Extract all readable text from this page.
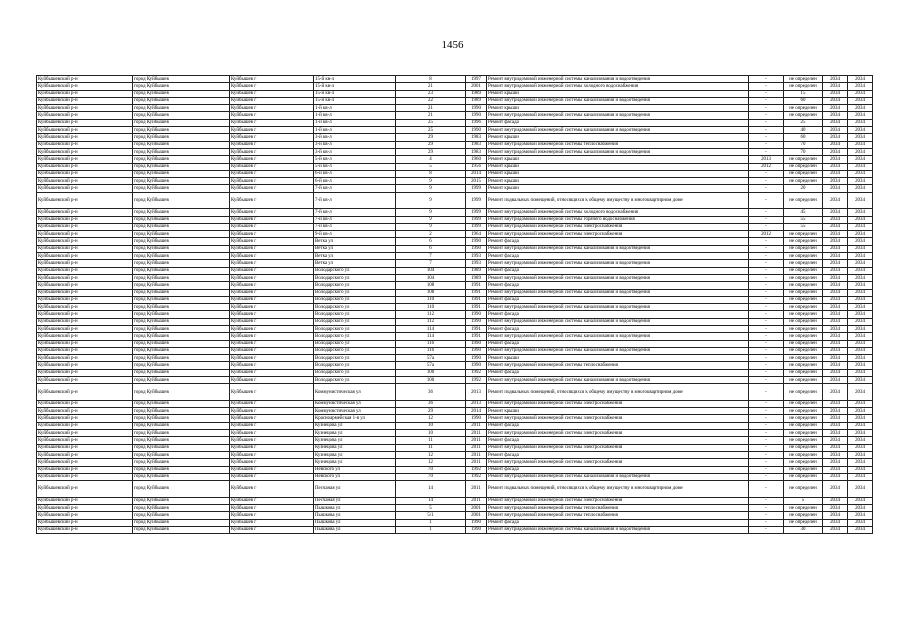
1456
Куйбышевский р-н	город Куйбышев	Куйбышев г	15-й кв-л	8	1997	Ремонт внутридомовой инженерной системы канализования и водоотведения	-	не определен	2034	2034
Куйбышевский р-н	город Куйбышев	Куйбышев г	15-й кв-л	21	2001	Ремонт внутридомовой инженерной системы холодного водоснабжения	-	не определен	2034	2034
Куйбышевский р-н	город Куйбышев	Куйбышев г	15-й кв-л	23	1989	Ремонт крыши	-	15	2034	2034
Куйбышевский р-н	город Куйбышев	Куйбышев г	15-й кв-л	22	1989	Ремонт внутридомовой инженерной системы канализования и водоотведения	-	60	2034	2034
Куйбышевский р-н	город Куйбышев	Куйбышев г	1-й кв-л	21	1990	Ремонт крыши	-	не определен	2034	2034
Куйбышевский р-н	город Куйбышев	Куйбышев г	1-й кв-л	21	1990	Ремонт внутридомовой инженерной системы канализования и водоотведения	-	не определен	2034	2034
Куйбышевский р-н	город Куйбышев	Куйбышев г	1-й кв-л	25	1996	Ремонт фасада	-	25	2034	2034
Куйбышевский р-н	город Куйбышев	Куйбышев г	1-й кв-л	25	1990	Ремонт внутридомовой инженерной системы канализования и водоотведения	-	40	2034	2034
Куйбышевский р-н	город Куйбышев	Куйбышев г	3-й кв-л	29	1983	Ремонт крыши	-	60	2034	2034
Куйбышевский р-н	город Куйбышев	Куйбышев г	3-й кв-л	29	1983	Ремонт внутридомовой инженерной системы теплоснабжения	-	70	2034	2034
Куйбышевский р-н	город Куйбышев	Куйбышев г	3-й кв-л	29	1983	Ремонт внутридомовой инженерной системы канализования и водоотведения	-	70	2034	2034
Куйбышевский р-н	город Куйбышев	Куйбышев г	5-й кв-л	4	1960	Ремонт крыши	2013	не определен	2034	2034
Куйбышевский р-н	город Куйбышев	Куйбышев г	5-й кв-л	5	1956	Ремонт крыши	2012	не определен	2034	2034
Куйбышевский р-н	город Куйбышев	Куйбышев г	6-й кв-л	8	2014	Ремонт крыши	-	не определен	2034	2034
Куйбышевский р-н	город Куйбышев	Куйбышев г	6-й кв-л	9	2015	Ремонт крыши	-	не определен	2034	2034
Куйбышевский р-н	город Куйбышев	Куйбышев г	7-й кв-л	9	1999	Ремонт крыши	-	20	2034	2034
Куйбышевский р-н	город Куйбышев	Куйбышев г	7-й кв-л	9	1999	Ремонт подвальных помещений, относящихся к общему имуществу в многоквартирном доме	-	не определен	2034	2034
Куйбышевский р-н	город Куйбышев	Куйбышев г	7-й кв-л	9	1999	Ремонт внутридомовой инженерной системы холодного водоснабжения	-	45	2034	2034
Куйбышевский р-н	город Куйбышев	Куйбышев г	7-й кв-л	9	1999	Ремонт внутридомовой инженерной системы горячего водоснабжения	-	55	2034	2034
Куйбышевский р-н	город Куйбышев	Куйбышев г	7-й кв-л	9	1999	Ремонт внутридомовой инженерной системы электроснабжения	-	55	2034	2034
Куйбышевский р-н	город Куйбышев	Куйбышев г	9-й кв-л	2	1964	Ремонт внутридомовой инженерной системы электроснабжения	2012	не определен	2034	2034
Куйбышевский р-н	город Куйбышев	Куйбышев г	Ветка ул	6	1990	Ремонт фасада	-	не определен	2034	2034
Куйбышевский р-н	город Куйбышев	Куйбышев г	Ветка ул	6	1990	Ремонт внутридомовой инженерной системы канализования и водоотведения	-	не определен	2034	2034
Куйбышевский р-н	город Куйбышев	Куйбышев г	Ветка ул	7	1993	Ремонт фасада	-	не определен	2034	2034
Куйбышевский р-н	город Куйбышев	Куйбышев г	Ветка ул	7	1993	Ремонт внутридомовой инженерной системы канализования и водоотведения	-	не определен	2034	2034
Куйбышевский р-н	город Куйбышев	Куйбышев г	Володарского ул	104	1989	Ремонт фасада	-	не определен	2034	2034
Куйбышевский р-н	город Куйбышев	Куйбышев г	Володарского ул	104	1989	Ремонт внутридомовой инженерной системы канализования и водоотведения	-	не определен	2034	2034
Куйбышевский р-н	город Куйбышев	Куйбышев г	Володарского ул	108	1991	Ремонт фасада	-	не определен	2034	2034
Куйбышевский р-н	город Куйбышев	Куйбышев г	Володарского ул	108	1991	Ремонт внутридомовой инженерной системы канализования и водоотведения	-	не определен	2034	2034
Куйбышевский р-н	город Куйбышев	Куйбышев г	Володарского ул	110	1991	Ремонт фасада	-	не определен	2034	2034
Куйбышевский р-н	город Куйбышев	Куйбышев г	Володарского ул	110	1991	Ремонт внутридомовой инженерной системы канализования и водоотведения	-	не определен	2034	2034
Куйбышевский р-н	город Куйбышев	Куйбышев г	Володарского ул	112	1990	Ремонт фасада	-	не определен	2034	2034
Куйбышевский р-н	город Куйбышев	Куйбышев г	Володарского ул	112	1990	Ремонт внутридомовой инженерной системы канализования и водоотведения	-	не определен	2034	2034
Куйбышевский р-н	город Куйбышев	Куйбышев г	Володарского ул	114	1991	Ремонт фасада	-	не определен	2034	2034
Куйбышевский р-н	город Куйбышев	Куйбышев г	Володарского ул	114	1991	Ремонт внутридомовой инженерной системы канализования и водоотведения	-	не определен	2034	2034
Куйбышевский р-н	город Куйбышев	Куйбышев г	Володарского ул	116	1990	Ремонт фасада	-	не определен	2034	2034
Куйбышевский р-н	город Куйбышев	Куйбышев г	Володарского ул	116	1990	Ремонт внутридомовой инженерной системы канализования и водоотведения	-	не определен	2034	2034
Куйбышевский р-н	город Куйбышев	Куйбышев г	Володарского ул	57а	1990	Ремонт крыши	-	не определен	2034	2034
Куйбышевский р-н	город Куйбышев	Куйбышев г	Володарского ул	57а	1990	Ремонт внутридомовой инженерной системы теплоснабжения	-	не определен	2034	2034
Куйбышевский р-н	город Куйбышев	Куйбышев г	Володарского ул	100	1992	Ремонт фасада	-	не определен	2034	2034
Куйбышевский р-н	город Куйбышев	Куйбышев г	Володарского ул	100	1992	Ремонт внутридомовой инженерной системы канализования и водоотведения	-	не определен	2034	2034
Куйбышевский р-н	город Куйбышев	Куйбышев г	Коммунистическая ул	36	2013	Ремонт подвальных помещений, относящихся к общему имуществу в многоквартирном доме	-	не определен	2034	2034
Куйбышевский р-н	город Куйбышев	Куйбышев г	Коммунистическая ул	36	2013	Ремонт внутридомовой инженерной системы электроснабжения	-	не определен	2034	2034
Куйбышевский р-н	город Куйбышев	Куйбышев г	Коммунистическая ул	29	2014	Ремонт крыши	-	не определен	2034	2034
Куйбышевский р-н	город Куйбышев	Куйбышев г	Красноармейская 1-я ул	12	1990	Ремонт внутридомовой инженерной системы электроснабжения	-	не определен	2034	2034
Куйбышевский р-н	город Куйбышев	Куйбышев г	Кузнецова ул	10	2011	Ремонт фасада	-	не определен	2034	2034
Куйбышевский р-н	город Куйбышев	Куйбышев г	Кузнецова ул	10	2011	Ремонт внутридомовой инженерной системы электроснабжения	-	не определен	2034	2034
Куйбышевский р-н	город Куйбышев	Куйбышев г	Кузнецова ул	11	2011	Ремонт фасада	-	не определен	2034	2034
Куйбышевский р-н	город Куйбышев	Куйбышев г	Кузнецова ул	11	2011	Ремонт внутридомовой инженерной системы электроснабжения	-	не определен	2034	2034
Куйбышевский р-н	город Куйбышев	Куйбышев г	Кузнецова ул	12	2011	Ремонт фасада	-	не определен	2034	2034
Куйбышевский р-н	город Куйбышев	Куйбышев г	Кузнецова ул	12	2011	Ремонт внутридомовой инженерной системы электроснабжения	-	не определен	2034	2034
Куйбышевский р-н	город Куйбышев	Куйбышев г	Невского ул	70	1992	Ремонт фасада	-	не определен	2034	2034
Куйбышевский р-н	город Куйбышев	Куйбышев г	Невского ул	70	1992	Ремонт внутридомовой инженерной системы канализования и водоотведения	-	не определен	2034	2034
Куйбышевский р-н	город Куйбышев	Куйбышев г	Песчаная ул	14	2011	Ремонт подвальных помещений, относящихся к общему имуществу в многоквартирном доме	-	не определен	2034	2034
Куйбышевский р-н	город Куйбышев	Куйбышев г	Песчаная ул	14	2011	Ремонт внутридомовой инженерной системы электроснабжения	-	5	2034	2034
Куйбышевский р-н	город Куйбышев	Куйбышев г	Пышкова ул	5	2001	Ремонт внутридомовой инженерной системы теплоснабжения	-	не определен	2034	2034
Куйбышевский р-н	город Куйбышев	Куйбышев г	Пышкова ул	5/1	2001	Ремонт внутридомовой инженерной системы теплоснабжения	-	не определен	2034	2034
Куйбышевский р-н	город Куйбышев	Куйбышев г	Пышкова ул	1	1990	Ремонт фасада	-	не определен	2034	2034
Куйбышевский р-н	город Куйбышев	Куйбышев г	Пышкова ул	1	1990	Ремонт внутридомовой инженерной системы канализования и водоотведения	-	30	2034	2034
